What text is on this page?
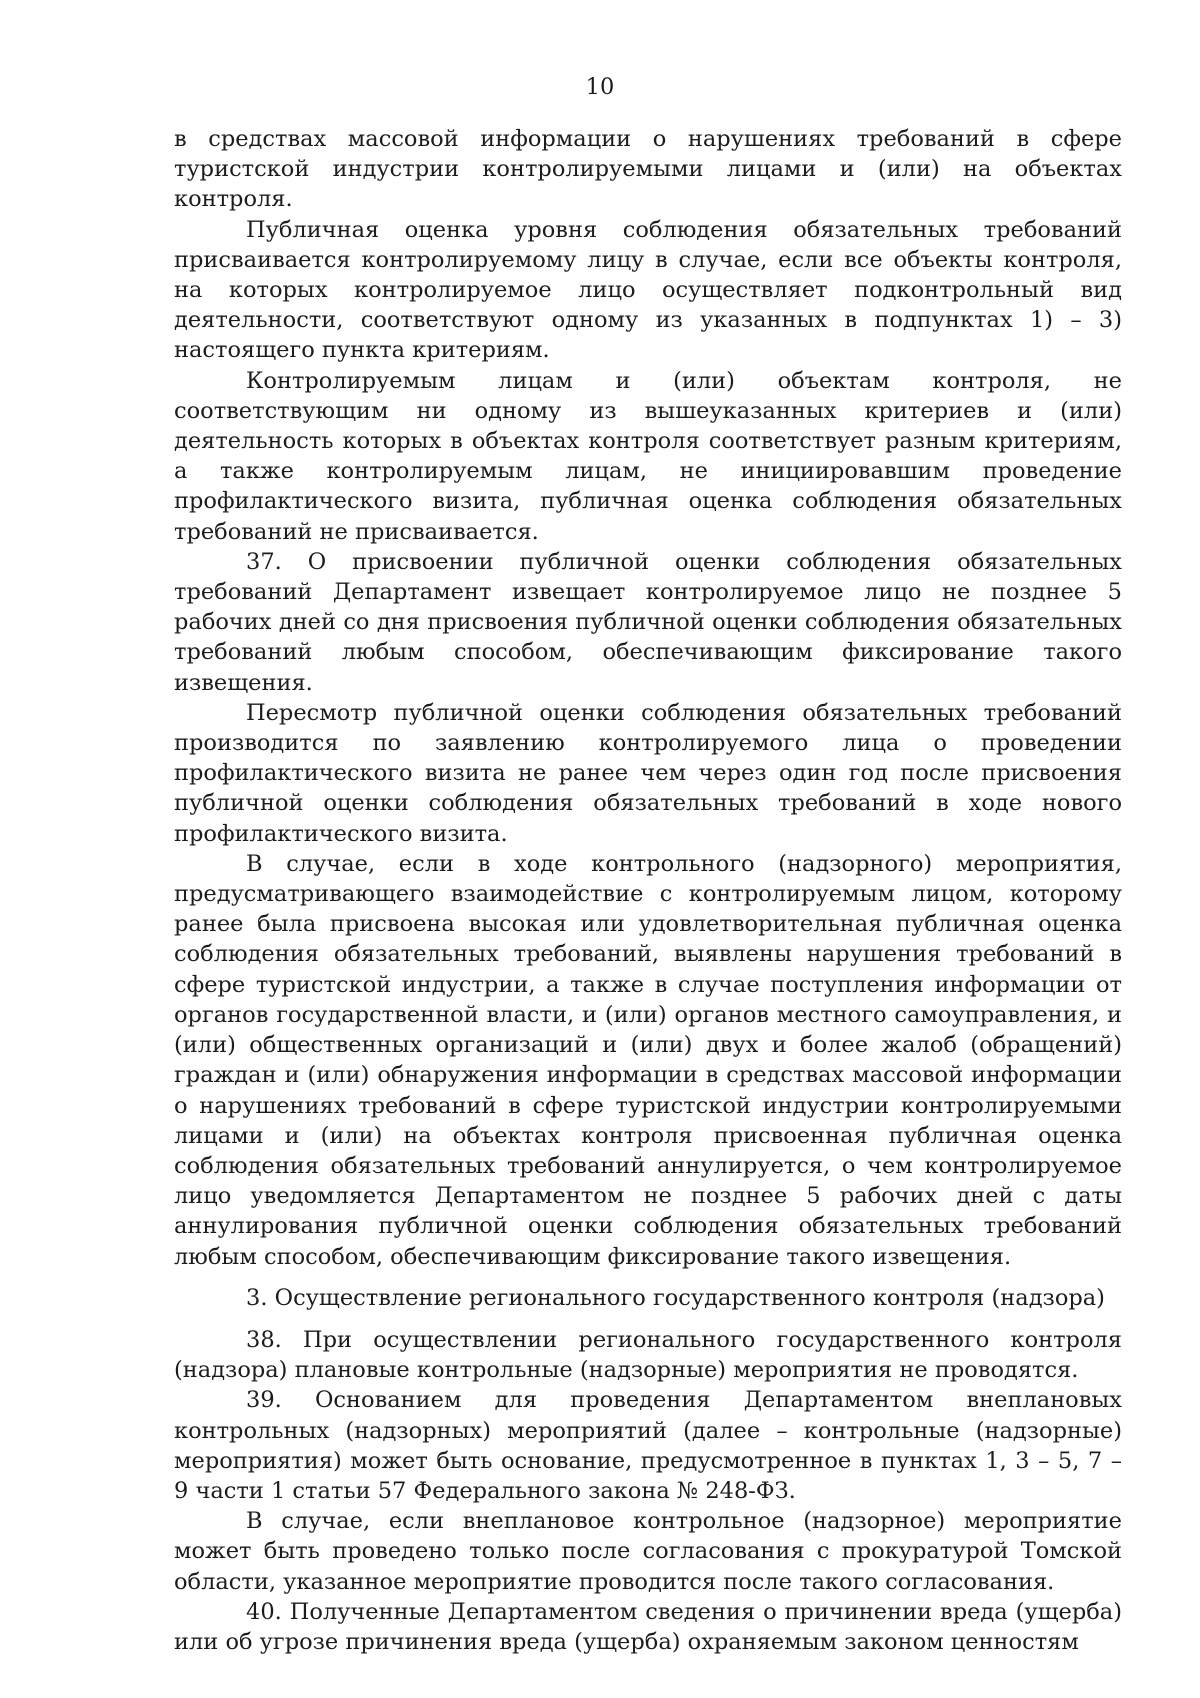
10

в средствах массовой информации о нарушениях требований в сфере туристской индустрии контролируемыми лицами и (или) на объектах контроля.

Публичная оценка уровня соблюдения обязательных требований присваивается контролируемому лицу в случае, если все объекты контроля, на которых контролируемое лицо осуществляет подконтрольный вид деятельности, соответствуют одному из указанных в подпунктах 1) – 3) настоящего пункта критериям.

Контролируемым лицам и (или) объектам контроля, не соответствующим ни одному из вышеуказанных критериев и (или) деятельность которых в объектах контроля соответствует разным критериям, а также контролируемым лицам, не инициировавшим проведение профилактического визита, публичная оценка соблюдения обязательных требований не присваивается.

37. О присвоении публичной оценки соблюдения обязательных требований Департамент извещает контролируемое лицо не позднее 5 рабочих дней со дня присвоения публичной оценки соблюдения обязательных требований любым способом, обеспечивающим фиксирование такого извещения.

Пересмотр публичной оценки соблюдения обязательных требований производится по заявлению контролируемого лица о проведении профилактического визита не ранее чем через один год после присвоения публичной оценки соблюдения обязательных требований в ходе нового профилактического визита.

В случае, если в ходе контрольного (надзорного) мероприятия, предусматривающего взаимодействие с контролируемым лицом, которому ранее была присвоена высокая или удовлетворительная публичная оценка соблюдения обязательных требований, выявлены нарушения требований в сфере туристской индустрии, а также в случае поступления информации от органов государственной власти, и (или) органов местного самоуправления, и (или) общественных организаций и (или) двух и более жалоб (обращений) граждан и (или) обнаружения информации в средствах массовой информации о нарушениях требований в сфере туристской индустрии контролируемыми лицами и (или) на объектах контроля присвоенная публичная оценка соблюдения обязательных требований аннулируется, о чем контролируемое лицо уведомляется Департаментом не позднее 5 рабочих дней с даты аннулирования публичной оценки соблюдения обязательных требований любым способом, обеспечивающим фиксирование такого извещения.

3. Осуществление регионального государственного контроля (надзора)

38. При осуществлении регионального государственного контроля (надзора) плановые контрольные (надзорные) мероприятия не проводятся.

39. Основанием для проведения Департаментом внеплановых контрольных (надзорных) мероприятий (далее – контрольные (надзорные) мероприятия) может быть основание, предусмотренное в пунктах 1, 3 – 5, 7 – 9 части 1 статьи 57 Федерального закона № 248-ФЗ.

В случае, если внеплановое контрольное (надзорное) мероприятие может быть проведено только после согласования с прокуратурой Томской области, указанное мероприятие проводится после такого согласования.

40. Полученные Департаментом сведения о причинении вреда (ущерба) или об угрозе причинения вреда (ущерба) охраняемым законом ценностям
